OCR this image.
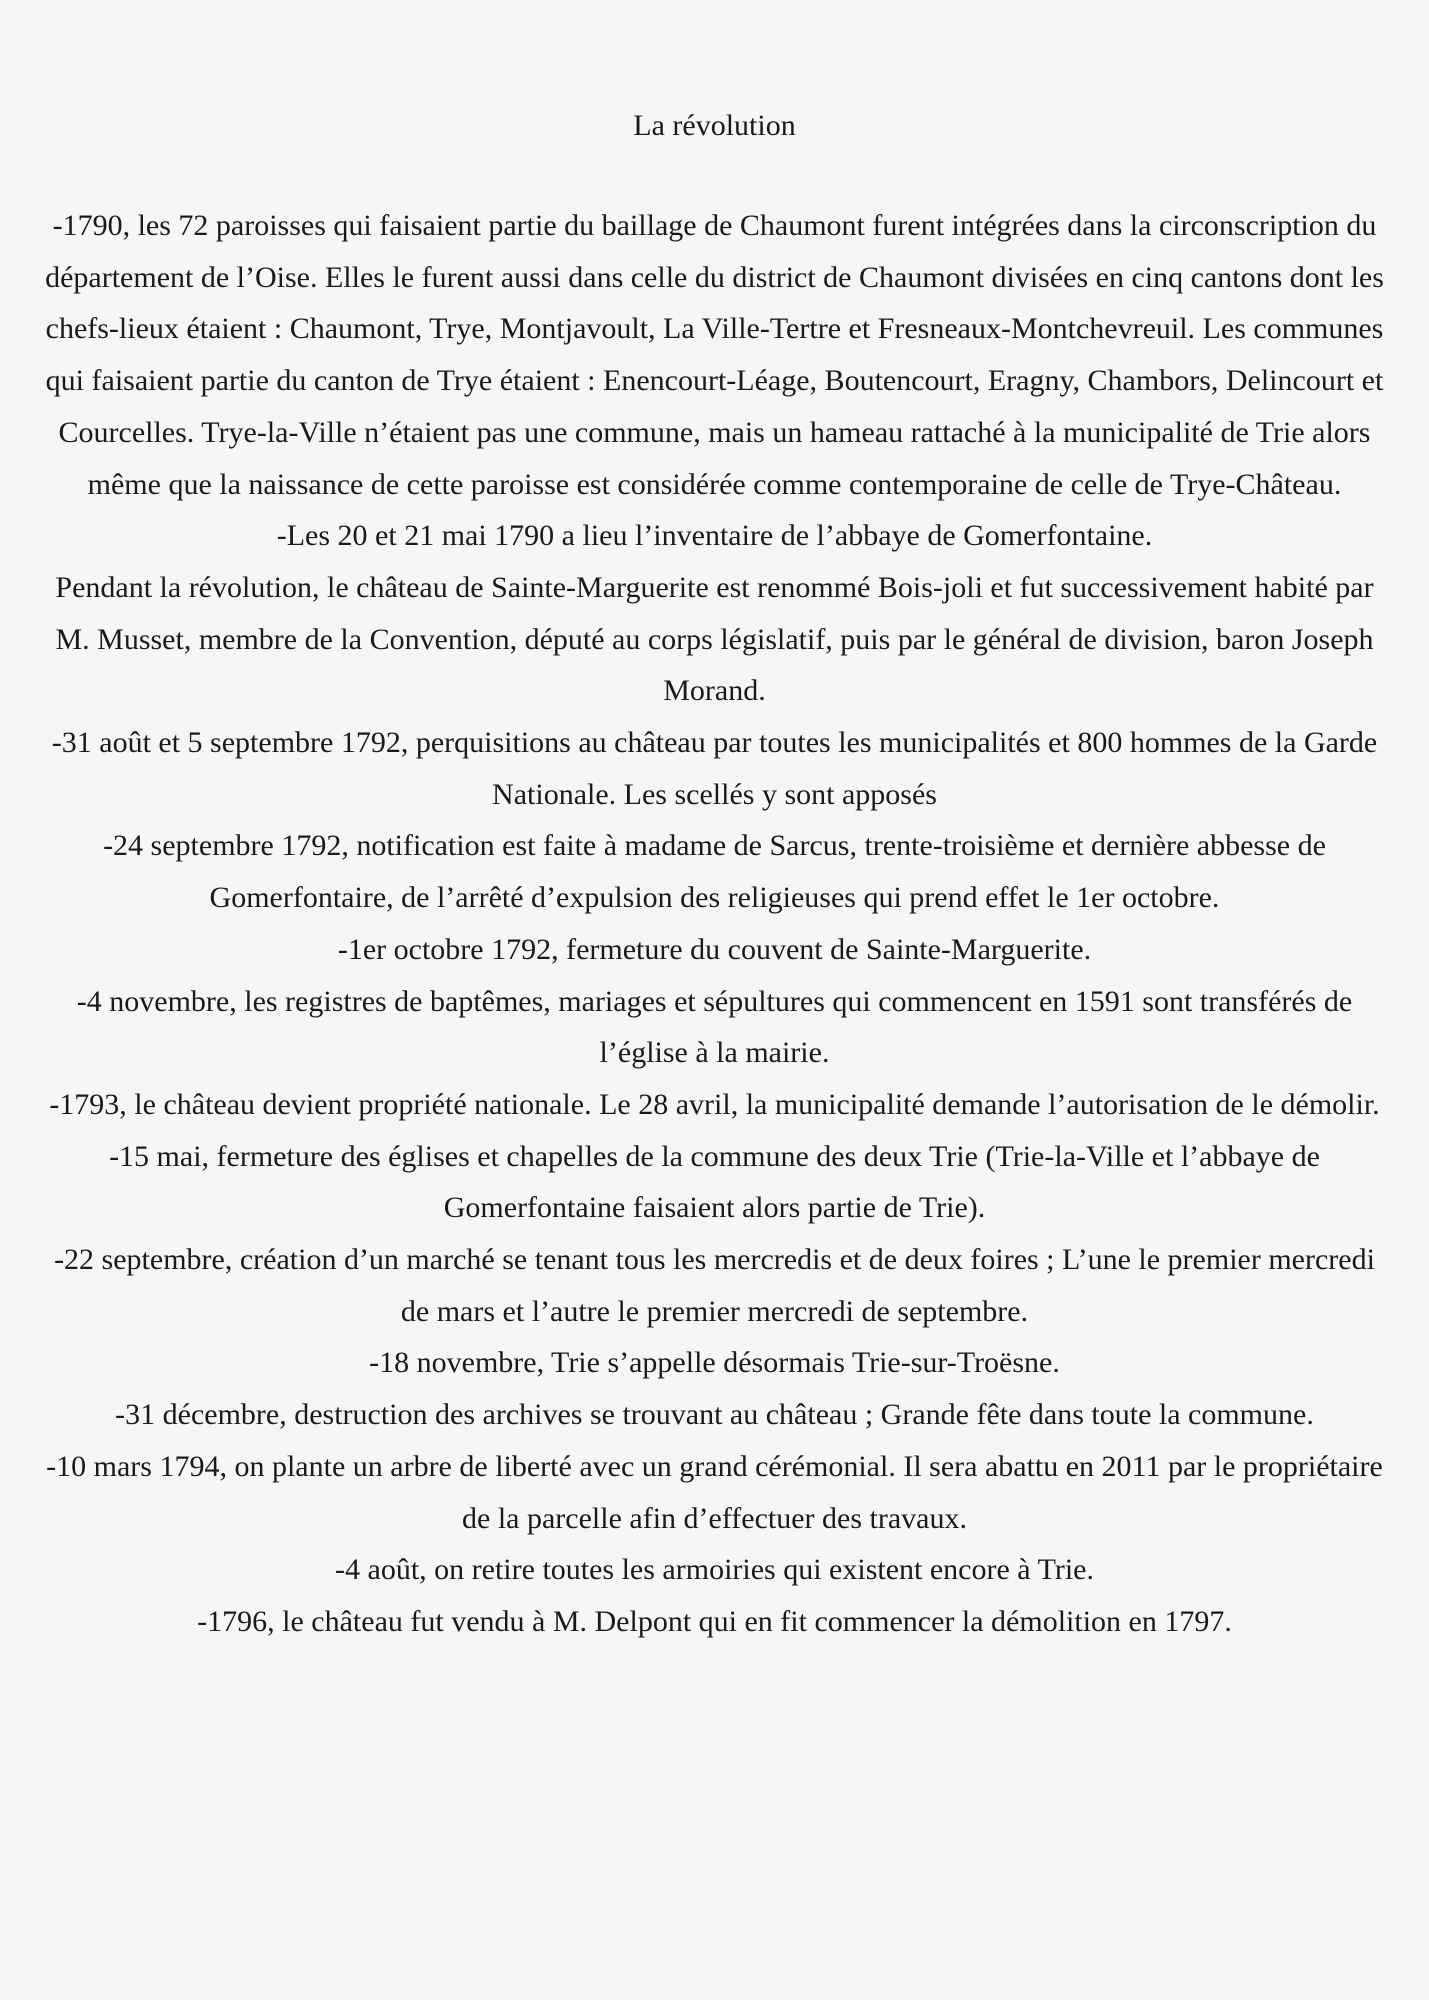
La révolution

-1790, les 72 paroisses qui faisaient partie du baillage de Chaumont furent intégrées dans la circonscription du département de l’Oise. Elles le furent aussi dans celle du district de Chaumont divisées en cinq cantons dont les chefs-lieux étaient : Chaumont, Trye, Montjavoult, La Ville-Tertre et Fresneaux-Montchevreuil. Les communes qui faisaient partie du canton de Trye étaient : Enencourt-Léage, Boutencourt, Eragny, Chambors, Delincourt et Courcelles. Trye-la-Ville n’étaient pas une commune, mais un hameau rattaché à la municipalité de Trie alors même que la naissance de cette paroisse est considérée comme contemporaine de celle de Trye-Château.

-Les 20 et 21 mai 1790 a lieu l’inventaire de l’abbaye de Gomerfontaine.

Pendant la révolution, le château de Sainte-Marguerite est renommé Bois-joli et fut successivement habité par M. Musset, membre de la Convention, député au corps législatif, puis par le général de division, baron Joseph Morand.

-31 août et 5 septembre 1792, perquisitions au château par toutes les municipalités et 800 hommes de la Garde Nationale. Les scellés y sont apposés

-24 septembre 1792, notification est faite à madame de Sarcus, trente-troisième et dernière abbesse de Gomerfontaire, de l’arrêté d’expulsion des religieuses qui prend effet le 1er octobre.

-1er octobre 1792, fermeture du couvent de Sainte-Marguerite.

-4 novembre, les registres de baptêmes, mariages et sépultures qui commencent en 1591 sont transférés de l’église à la mairie.

-1793, le château devient propriété nationale. Le 28 avril, la municipalité demande l’autorisation de le démolir.

-15 mai, fermeture des églises et chapelles de la commune des deux Trie (Trie-la-Ville et l’abbaye de Gomerfontaine faisaient alors partie de Trie).

-22 septembre, création d’un marché se tenant tous les mercredis et de deux foires ; L’une le premier mercredi de mars et l’autre le premier mercredi de septembre.

-18 novembre, Trie s’appelle désormais Trie-sur-Troësne.

-31 décembre, destruction des archives se trouvant au château ; Grande fête dans toute la commune.

-10 mars 1794, on plante un arbre de liberté avec un grand cérémonial. Il sera abattu en 2011 par le propriétaire de la parcelle afin d’effectuer des travaux.

-4 août, on retire toutes les armoiries qui existent encore à Trie.

-1796, le château fut vendu à M. Delpont qui en fit commencer la démolition en 1797.
